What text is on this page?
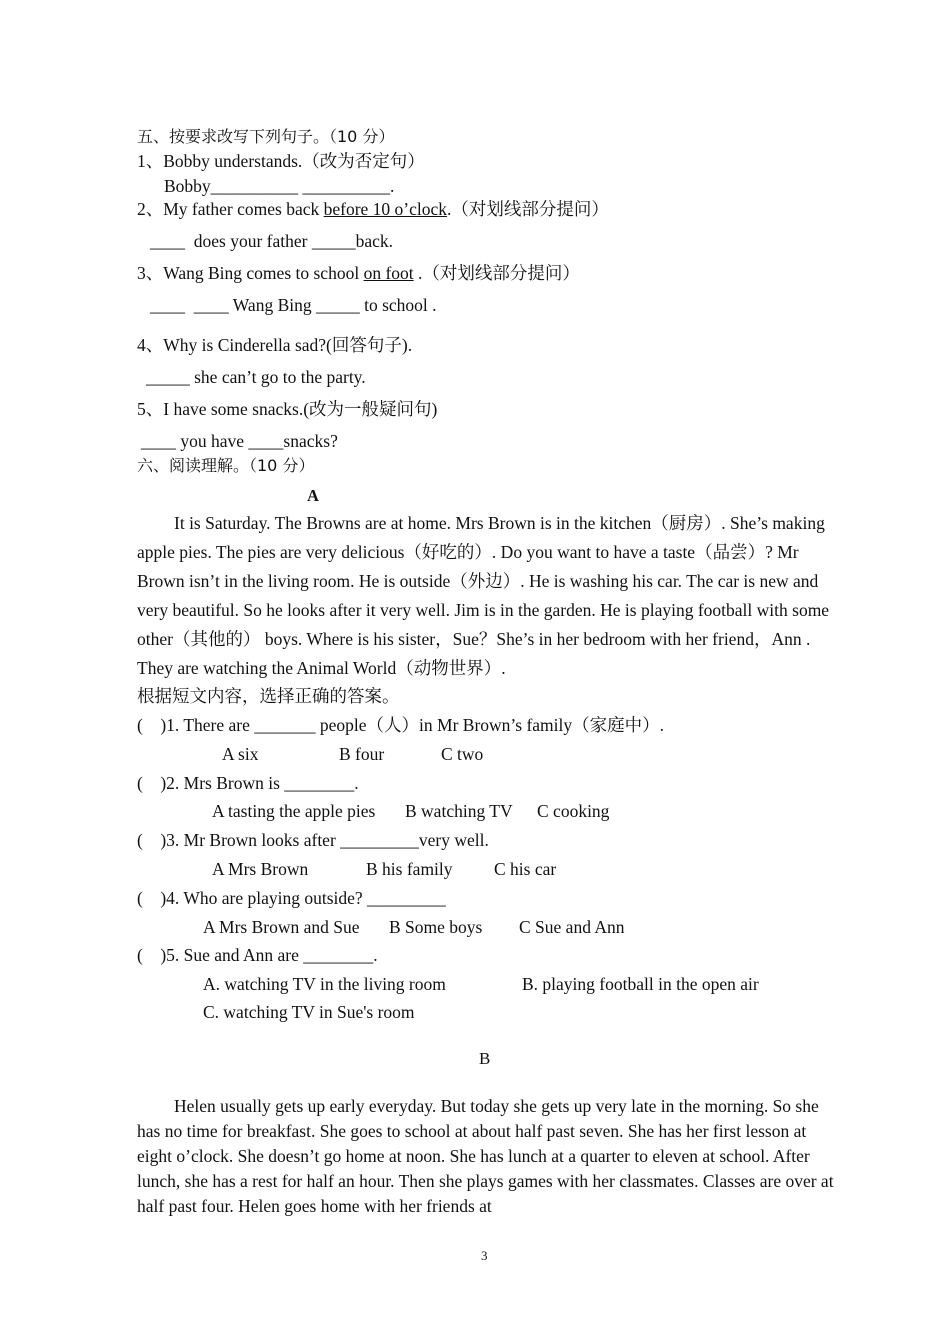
五、按要求改写下列句子。（10 分）
1、Bobby understands.（改为否定句）
Bobby__________ __________.
2、My father comes back before 10 o’clock.（对划线部分提问）
____  does your father _____back.
3、Wang Bing comes to school on foot .（对划线部分提问）
____  ____ Wang Bing _____ to school .
4、Why is Cinderella sad?(回答句子).
_____ she can’t go to the party.
5、I have some snacks.(改为一般疑问句)
____ you have ____snacks?
六、阅读理解。（10 分）
A
It is Saturday. The Browns are at home. Mrs Brown is in the kitchen（厨房）. She’s making apple pies. The pies are very delicious（好吃的）. Do you want to have a taste（品尝）? Mr Brown isn’t in the living room. He is outside（外边）. He is washing his car. The car is new and very beautiful. So he looks after it very well. Jim is in the garden. He is playing football with some other（其他的） boys. Where is his sister，Sue？She’s in her bedroom with her friend，Ann . They are watching the Animal World（动物世界）.
根据短文内容，选择正确的答案。
(    )1. There are _______ people（人）in Mr Brown’s family（家庭中）.
A six	B four	C two
(    )2. Mrs Brown is ________.
A tasting the apple pies B watching TV C cooking
(    )3. Mr Brown looks after _________very well.
A Mrs Brown	B his family C his car
(    )4. Who are playing outside? _________
A Mrs Brown and Sue B Some boys C Sue and Ann
(    )5. Sue and Ann are ________.
A. watching TV in the living room	B. playing football in the open air
C. watching TV in Sue's room
B
Helen usually gets up early everyday. But today she gets up very late in the morning. So she has no time for breakfast. She goes to school at about half past seven. She has her first lesson at eight o’clock. She doesn’t go home at noon. She has lunch at a quarter to eleven at school. After lunch, she has a rest for half an hour. Then she plays games with her classmates. Classes are over at half past four. Helen goes home with her friends at
3
